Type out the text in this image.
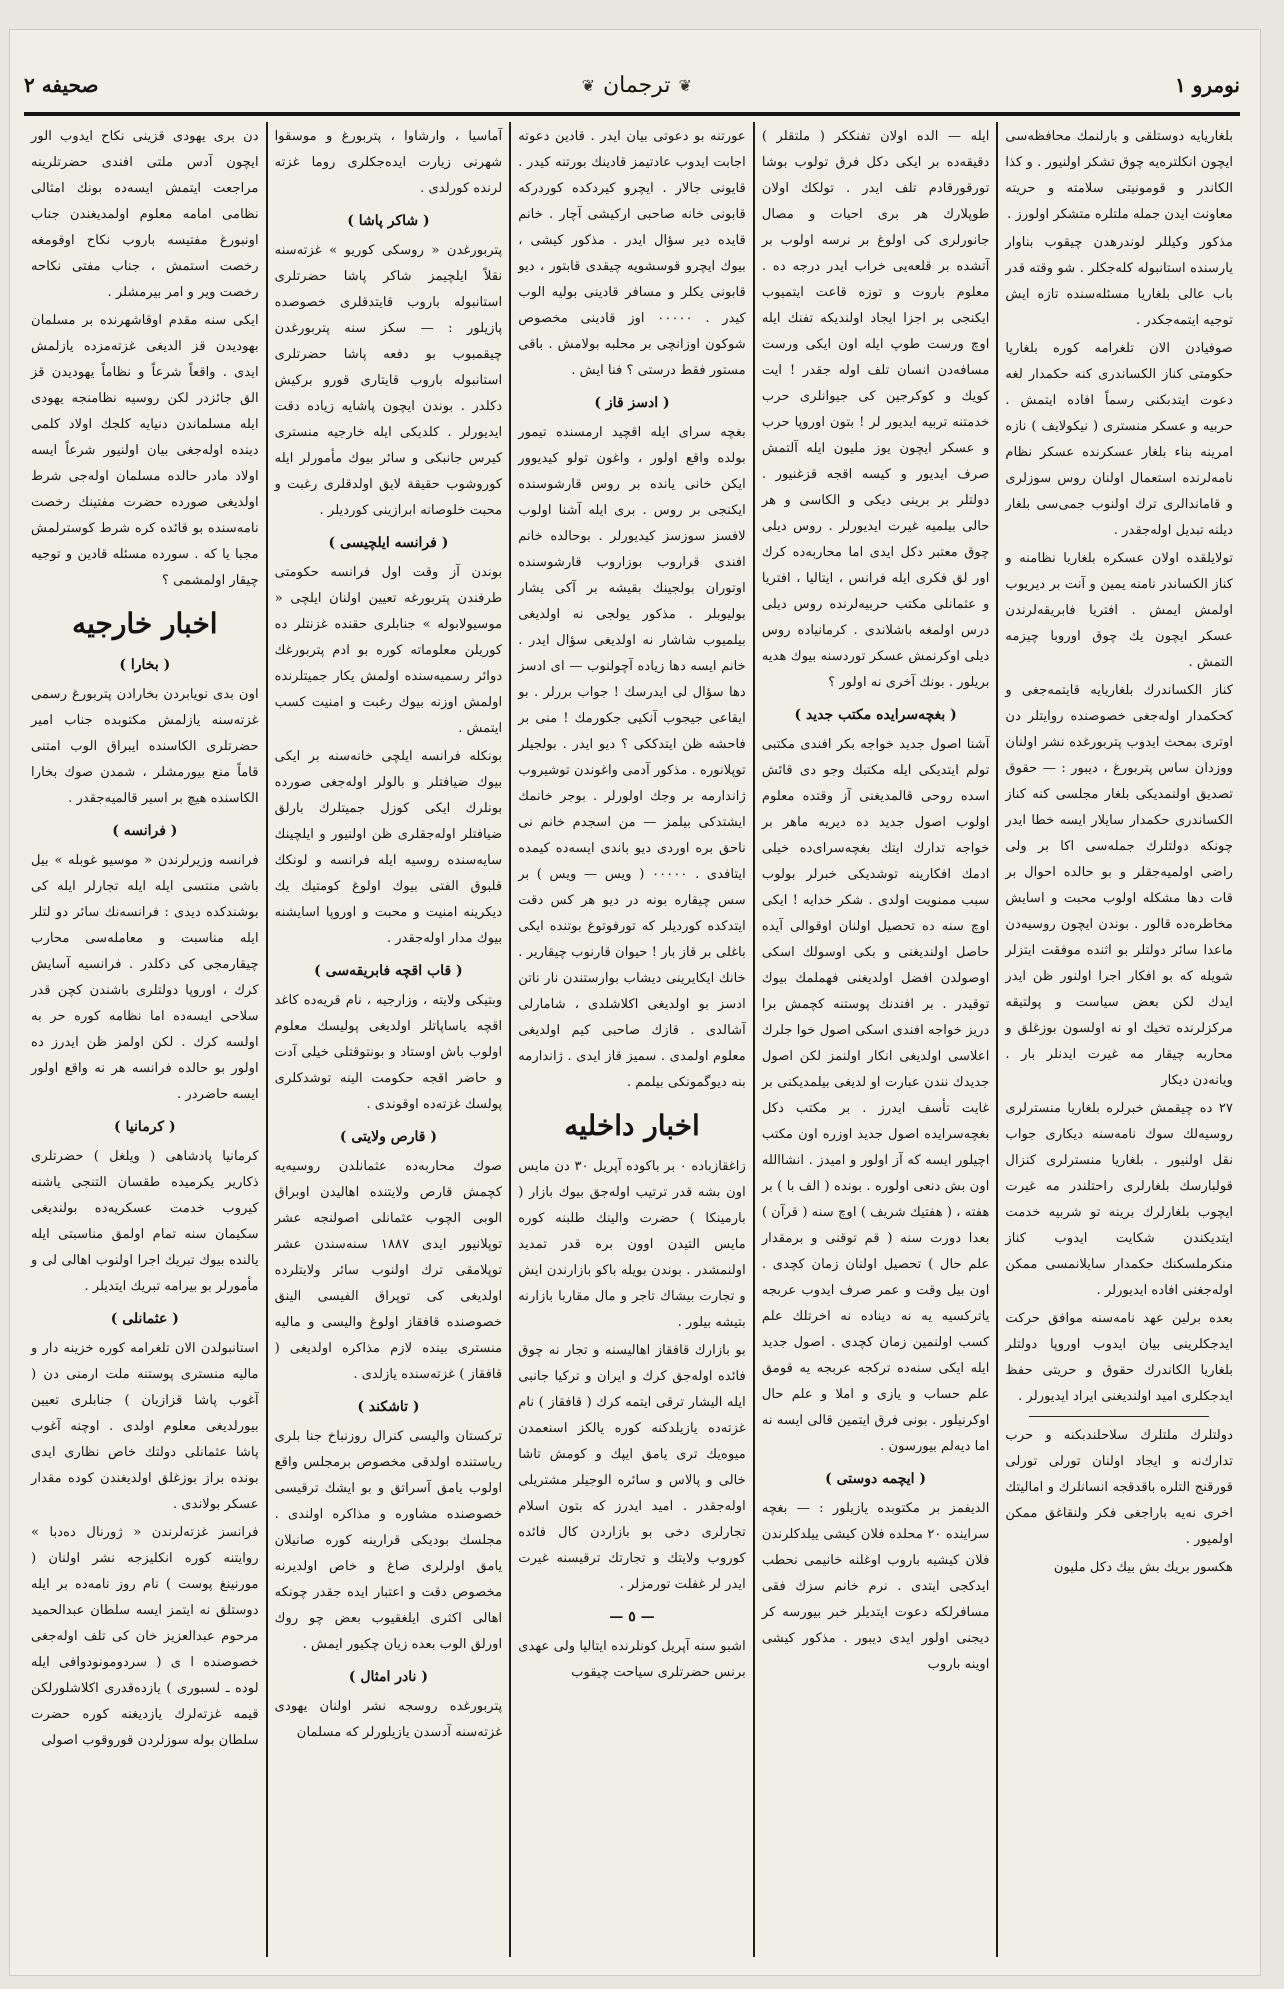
صحيفه ٢	❦ ترجمان ❦	نومرو ١

بلغاريايه دوستلقى و بارلنمك محافظه‌سى ايچون انكلتره‌يه چوق تشكر اولنيور . و كذا الكاندر و قومونيتى سلامته و حريته معاونت ايدن جمله ملتلره متشكر اولورز .

مذكور وكيللر لوندرهدن چيقوب بناوار يارسنده استانبوله كله‌جكلر . شو وقته قدر باب عالى بلغاريا مسئله‌سنده تازه ايش توجيه ايتمه‌جكدر .

صوفيادن الان تلغرامه كوره بلغاريا حكومتى كناز الكساندرى كنه حكمدار لغه دعوت ايتدبكنى رسماً افاده ايتمش . حربيه و عسكر منسترى ( نيكولايف ) نازه امرينه بناء بلغار عسكرنده عسكر نظام نامه‌لرنده استعمال اولنان روس سوزلرى و قاماندالرى ترك اولنوب جمى‌سى بلغار ديلنه تبديل اوله‌جقدر .

تولايلقده اولان عسكره بلغاريا نظامنه و كناز الكساندر نامنه يمين و آنت بر ديريوب اولمش ايمش . افتريا فابريقه‌لرندن عسكر ايچون يك چوق اوروبا چيزمه التمش .

كناز الكساندرك بلغاريايه قايتمه‌جغى و كحكمدار اوله‌جغى خصوصنده روايتلر دن اوترى بمحث ايدوب پتربورغده نشر اولنان ووزدان ساس پتربورغ ، ديبور : — حقوق تصديق اولنمديكى بلغار مجلسى كنه كناز الكساندرى حكمدار سايلار ايسه خطا ايدر چونكه دولتلرك جمله‌سى اكا بر ولى راضى اولميه‌جقلر و بو حالده احوال بر قات دها مشكله اولوب محبت و اسايش مخاطره‌ده قالور . بوندن ايچون روسيه‌دن ماعدا سائر دولتلر بو اثنده موفقت ايتزلر شويله كه بو افكار اجرا اولنور ظن ايدر ايدك لكن بعض سياست و پولتيقه مركزلرنده تخيك او نه اولسون بوزغلق و محاربه چيقار مه غيرت ايدنلر بار . ويانه‌دن ديكار

٢٧ ده چيقمش خبرلره بلغاريا منسترلرى روسيه‌لك سوك نامه‌سنه ديكارى جواب نقل اولنيور . بلغاريا منسترلرى كنزال قولبارسك بلغارلرى راحتلندر مه غيرت ايچوب بلغارلرك برينه تو شربيه خدمت ايتديكندن شكايت ايدوب كناز منكرملسكنك حكمدار سايلانمسى ممكن اوله‌جغنى افاده ايديورلر .

بعده برلين عهد نامه‌سنه موافق حركت ايدجكلرينى بيان ايدوب اوروپا دولتلر بلغاريا الكاندرك حقوق و حريتى حفظ ايدجكلرى اميد اولنديغنى ايراد ايديورلر .

دولتلرك ملتلرك سلاحلندبكنه و حرب تدارك‌نه و ايجاد اولنان تورلى تورلى قورقنج التلره باقدقجه انسانلرك و اماليتك اخرى نه‌يه باراجغى فكر ولنقاغق ممكن اولميور .

هكسور بريك بش بيك دكل مليون

ايله — الده اولان تفنككر ( ملتقلر ) دقيقه‌ده بر ايكى دكل فرق تولوب بوشا تورقورقادم تلف ايدر . تولكك اولان طوپلارك هر برى احيات و مصال جانورلرى كى اولوغ بر نرسه اولوب بر آتشده بر قلعه‌يى خراب ايدر درجه ده . معلوم باروت و توزه قاعت ايتميوب ايكنجى بر اجزا ايجاد اولنديكه تفنك ايله اوچ ورست طوپ ايله اون ايكى ورست مسافه‌دن انسان تلف اوله جقدر ! ايت كويك و كوكرجين كى جيوانلرى حرب خدمتنه تربيه ايديور لر ! بتون اوروپا حرب و عسكر ايچون يوز مليون ايله آلتمش صرف ايديور و كيسه اقجه قزغنيور . دولتلر بر برينى ديكى و الكاسى و هر حالى بيلميه غيرت ايديورلر . روس ديلى چوق معتبر دكل ايدى اما محاربه‌ده كرك اور لق فكرى ايله فرانس ، ايتاليا ، افتريا و عثمانلى مكتب حربيه‌لرنده روس ديلى درس اولمغه باشلاندى . كرمانيا‌ده روس ديلى اوكرنمش عسكر تورد‌سنه بيوك هديه بريلور . بونك آخرى نه اولور ؟

( بغچه‌سرايده مكتب جديد )

آشنا اصول جديد خواجه بكر افندى مكتبى تولم ايتديكى ايله مكتبك وجو دى قائش اسده روحى قالمديغنى آز وقتده معلوم اولوب اصول جديد ده ديريه ماهر بر خواجه تدارك ايتك بغچه‌سراى‌ده خيلى ادمك افكارينه توشديكى خبرلر بولوب سبب ممنويت اولدى . شكر خدايه ! ايكى اوچ سنه ده تحصيل اولنان اوقوالى آيده حاصل اولنديغنى و بكى اوسولك اسكى اوصولدن افضل اولديغنى فهملمك بيوك توقيدر . بر افندنك پوستنه كچمش برا دريز خواجه افندى اسكى اصول خوا جلرك اعلاسى اولديغى انكار اولنمز لكن اصول جديدك نندن عبارت او لديغى بيلمديكنى بر غايت تأسف ايدرز . بر مكتب دكل بغچه‌سرايده اصول جديد اوزره اون مكتب اچيلور ايسه كه آز اولور و اميدز . انشاالله اون بش دنعى اولوره . بونده ( الف با ) بر هفته ، ( هفتيك شريف ) اوچ سنه ( قرآن ) بعدا دورت سنه ( قم توقنى و برمقدار علم حال ) تحصيل اولنان زمان كچدى . اون بيل وقت و عمر صرف ايدوب عربجه ياتركسيه يه نه ديناده نه اخرتلك علم كسب اولنمين زمان كچدى . اصول جديد ايله ايكى سنه‌ده تركجه عربجه يه قومق علم حساب و يازى و املا و علم حال اوكرنيلور . بونى فرق ايتمين قالى ايسه نه اما ديه‌لم بيورسون .

( ايچمه دوستى )

الديفمز بر مكتوبده يازيلور : — بغچه سراينده ٢٠ محلده فلان كيشى ييلدكلرندن فلان كيشيه باروب اوغلنه خانيمى نحطب ايدكجى ايتدى . نرم خانم سزك فقى مسافرلكه دعوت ايتديلر خبر بيورسه كر ديجنى اولور ايدى ديبور . مذكور كيشى اوينه باروب

عورتنه بو دعوتى بيان ايدر . قادين دعوته اجابت ايدوب عادتيمز قادينك بورتنه كيدر . قايونى جالار . ايچرو كيردكده كوردركه قابونى خانه صاحبى اركيشى آچار . خانم قايده دير سؤال ايدر . مذكور كيشى ، بيوك ايچرو قوسشويه چيقدى قابتور ، ديو قابونى يكلر و مسافر قادينى بوليه الوب كيدر . ٠٠٠٠٠ اوز قادينى مخصوص شوكون اوزانچى بر محلبه بولامش . باقى مستور فقط درستى ؟ فنا ايش .

( ادسز قاز )

بغچه سراى ايله اقچيد ارمسنده تيمور بولده واقع اولور ، واغون تولو كيديوور ايكن خانى يانده بر روس قارشوسنده ايكنجى بر روس . برى ايله آشنا اولوب لافسز سوزسز كيديورلر . بوحالده خانم افندى قراروب بوزاروب قارشوسنده اوتوران بولجينك بقيشه بر آكى يشار بوليوبلر . مذكور يولجى نه اولديغى بيلميوب شاشار نه اولديغى سؤال ايدر . خانم ايسه دها زياده آچولنوب — اى ادسز دها سؤال لى ايدرسك ! جواب بررلر . بو ايقاعى جيجوب آنكيى جكورمك ! منى بر فاحشه ظن ايتدككى ؟ ديو ايدر . بولجيلر توپلانوره . مذكور آدمى واغوندن توشيروب ژاندارمه بر وجك اولورلر . بوجر خانمك ايشتدكى بيلمز — من اسجدم خانم نى ناحق بره اوردى ديو باندى ايسه‌ده كيمده ايتافدى . ٠٠٠٠٠ ( ويس — ويس ) بر سس چيقاره بونه در ديو هر كس دقت ايتدكده كورديلر كه تورفوتوغ بوتنده ايكى باغلى بر قاز بار ! حيوان قارنوب چيقارير . خانك ايكايرينى ديشاب بوارستندن نار ناتن ادسز بو اولديغى اكلاشلدى ، شامارلى آشالدى . قازك صاحبى كيم اولديغى معلوم اولمدى . سميز قاز ايدى . ژاندارمه بنه ديوگمونكى بيلمم .

اخبار داخليه

زاغقازباده ٠ بر باكوده آپريل ٣٠ دن مايس اون بشه قدر ترتيب اوله‌جق بيوك بازار ( بارمينكا ) حضرت والينك طلبنه كوره مايس التيدن اوون بره قدر تمديد اولنمشدر . بوندن بويله باكو بازارندن ايش و تجارت بيشاك تاجر و مال مقاربا بازارنه بتيشه بيلور .

بو بازارك قافقاز اهاليسنه و تجار نه چوق فائده اوله‌جق كرك و ايران و تركيا جانبى ايله اليشار ترقى ايتمه كرك ( قافقاز ) نام غزته‌ده يازيلدكنه كوره يالكز اسنعمدن ميوه‌يك ترى يامق ايپك و كومش تاشا خالى و پالاس و سائره الوجيلر مشتريلى اوله‌جقدر . اميد ايدرز كه بتون اسلام تجارلرى دخى بو بازاردن كال فائده كوروب ولايتك و تجارتك ترقيسنه غيرت ايدر لر غفلت تورمزلر .

— ٥ —

اشبو سنه آپريل كونلرنده ايتاليا ولى عهدى برنس حضرتلرى سياحت چيقوب

آماسيا ، وارشاوا ، پتربورغ و موسقوا شهرنى زيارت ايده‌جكلرى روما غزته لرنده كورلدى .

( شاكر پاشا )

پتربورغدن « روسكى كوريو » غزته‌سنه نقلاً ايلچيمز شاكر پاشا حضرتلرى استانبوله باروب قايتدقلرى خصوصده پازيلور : — سكز سنه پتربورغدن چيقمبوب بو دفعه پاشا حضرتلرى استانبوله باروب قايتارى قورو بركيش دكلدر . بوندن ايچون پاشايه زياده‌ دقت ايديورلر . كلديكى ايله خارجيه منسترى كيرس جانبكى و سائر بيوك مأمورلر ايله كوروشوب حقيقة لايق اولدقلرى رغبت و محبت خلوصانه ابرازينى كورديلر .

( فرانسه ايلچيسى )

بوندن آز وقت اول فرانسه حكومتى طرفندن پتربورغه تعيين اولنان ايلچى « موسيولابوله » جنابلرى حقنده غزنتلر ده كوريلن معلوماته كوره بو ادم پتربورغك دوائر رسميه‌سنده اولمش يكار جميتلرنده اولمش اوزنه بيوك رغبت و امنيت كسب ايتمش .

بونكله فرانسه ايلچى خانه‌سنه بر ايكى بيوك ضيافتلر و بالولر اوله‌جغى صورده بونلرك ايكى كوزل جميتلرك بارلق ضيافتلر اوله‌جقلرى ظن اولنيور و ايلچينك سايه‌سنده روسيه ايله فرانسه و لونكك قلبوق الفتى بيوك اولوغ كومتيك يك ديكرينه امنيت و محبت و اوروپا اسايشنه بيوك مدار اوله‌جقدر .

( قاب اقچه فابريقه‌سى )

وبتيكى ولايته ، وزارجيه ، نام قريه‌ده كاغد اقچه ياساپاتلر اولديغى پوليسك معلوم اولوب باش اوستاد و بونتوقتلى خيلى آدت و حاضر اقجه حكومت الينه توشدكلرى پولسك غزته‌ده اوقوندى .

( قارص ولايتى )

صوك محاربه‌ده عثمانلدن روسيه‌يه كچمش قارص ولايتنده اهاليدن اوبراق الوبى الچوب عثمانلى اصولنجه عشر توپلانيور ايدى ١٨٨٧ سنه‌سندن عشر توپلامقى ترك اولنوب سائر ولايتلرده اولديغى كى توپراق الفيسى الينق خصوصنده قافقاز اولوغ واليسى و ماليه منسترى بينده لازم مذاكره اولديغى ( قافقاز ) غزته‌سنده يازلدى .

( تاشكند )

تركستان واليسى كنرال روزنباخ جنا بلرى رياستنده اولدقى مخصوص برمجلس واقع اولوب يامق آسراتق و بو ايشك ترقيسى خصوصنده مشاوره و مذاكره اولندى . مجلسك بوديكى قرارينه كوره صانيلان يامق اولرلرى صاغ و خاص اولديرنه مخصوص دقت و اعتبار ايده‌ جقدر چونكه اهالى اكثرى ايلغقيوب بعض چو روك اورلق الوب بعده زيان چكيور ايمش .

( نادر امثال )

پتربورغده روسجه نشر اولنان يهودى غزته‌سنه آدسدن يازيلورلر كه مسلمان

دن برى يهودى قزينى نكاح ايدوب الور ايچون آدس ملتى افندى حضرتلرينه مراجعت ايتمش ايسه‌ده بونك امثالى نظامى امامه معلوم اولمديغندن جناب اونبورغ مفتيسه باروب نكاح اوقومغه رخصت استمش ، جناب مفتى نكاحه رخصت وير و امر بيرمشلر .

ايكى سنه مقدم اوقاشهرنده بر مسلمان بهوديدن قز الديغى غزته‌مزده يازلمش ايدى . واقعاً شرعاً و نظاماً يهوديدن قز الق جائزدر لكن روسيه نظامنجه يهودى ايله مسلماندن دنيايه كلجك اولاد كلمى دينده اوله‌جغى بيان اولنيور شرعاً ايسه اولاد مادر حالده مسلمان اوله‌جى شرط اولديغى صورده حضرت مفتينك رخصت نامه‌سنده بو قائده كره شرط كوسترلمش مجبا يا كه . سورده مسئله قادين و توجيه چيقار اولمشمى ؟

اخبار خارجيه
( بخارا )

اون بدى نويابردن بخارادن پتربورغ رسمى غزته‌سنه يازلمش مكتوبده جناب امير حضرتلرى الكاسنده ايبراق الوب امتنى قاماً منع بيورمشلر ، شمدن صوك بخارا الكاسنده هيچ بر اسير قالميه‌جقدر .

( فرانسه )

فرانسه وزيرلرندن « موسيو غوبله » بيل باشى منتسى ايله ايله تجارلر ايله كى بوشندكده ديدى : فرانسه‌نك سائر دو لتلر ايله مناسبت و معامله‌سى محارب چيقارمجى كى دكلدر . فرانسيه آسايش كرك ، اوروپا دولتلرى باشندن كچن قدر سلاحى ايسه‌ده اما نظامه كوره حر به اولسه كرك . لكن اولمز ظن ايدرز ده اولور بو حالده فرانسه هر نه واقع اولور ايسه حاضردر .

( كرمانيا )

كرمانيا پادشاهى ( ويلغل ) حضرتلرى ذكارير يكرميده طقسان التنجى ياشنه كيروب خدمت عسكريه‌ده بولنديغى سكيمان سنه تمام اولمق مناسبتى ايله يالنده بيوك تبريك اجرا اولنوب اهالى لى و مأمورلر بو بيرامه تبريك ايتديلر .

( عثمانلى )

استانبولدن الان تلغرامه كوره خزينه دار و ماليه منسترى پوستنه ملت ارمنى دن ( آغوب پاشا قزازيان ) جنابلرى تعيين بيورلديغى معلوم اولدى . اوچنه آغوب پاشا عثمانلى دولتك خاص نظارى ايدى بونده براز بوزغلق اولديغندن كوده‌ مقدار عسكر بولاندى .

فرانسز غزته‌لرندن « ژورنال دەدبا » روايتنه كوره انكليزجه نشر اولنان ( مورنينغ پوست ) نام روز نامه‌ده بر ايله دوستلق نه ايتمز ايسه سلطان عبدالحميد مرحوم عبدالعزيز خان كى تلف اوله‌جغى خصوصنده ا ى ( سردومونودوافى ايله لوده ـ لسبورى ) يازده‌قدرى اكلاشلورلكن قيمه غزته‌لرك يازديغنه كوره حضرت سلطان بوله سوزلردن قوروقوب اصولى
